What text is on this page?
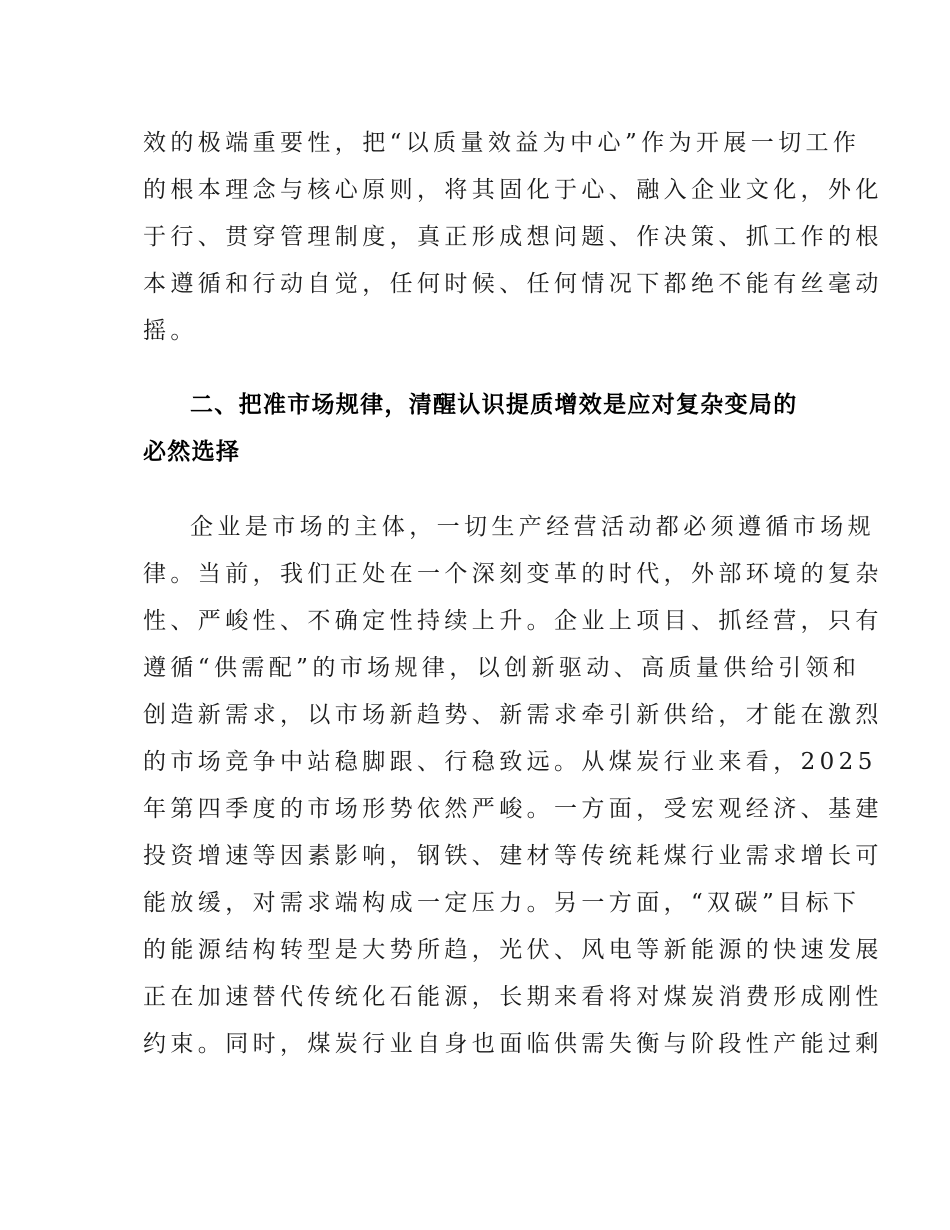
效的极端重要性，把“以质量效益为中心”作为开展一切工作
的根本理念与核心原则，将其固化于心、融入企业文化，外化
于行、贯穿管理制度，真正形成想问题、作决策、抓工作的根
本遵循和行动自觉，任何时候、任何情况下都绝不能有丝毫动
摇。
二、把准市场规律，清醒认识提质增效是应对复杂变局的
必然选择
企业是市场的主体，一切生产经营活动都必须遵循市场规
律。当前，我们正处在一个深刻变革的时代，外部环境的复杂
性、严峻性、不确定性持续上升。企业上项目、抓经营，只有
遵循“供需配”的市场规律，以创新驱动、高质量供给引领和
创造新需求，以市场新趋势、新需求牵引新供给，才能在激烈
的市场竞争中站稳脚跟、行稳致远。从煤炭行业来看，2025
年第四季度的市场形势依然严峻。一方面，受宏观经济、基建
投资增速等因素影响，钢铁、建材等传统耗煤行业需求增长可
能放缓，对需求端构成一定压力。另一方面，“双碳”目标下
的能源结构转型是大势所趋，光伏、风电等新能源的快速发展
正在加速替代传统化石能源，长期来看将对煤炭消费形成刚性
约束。同时，煤炭行业自身也面临供需失衡与阶段性产能过剩
